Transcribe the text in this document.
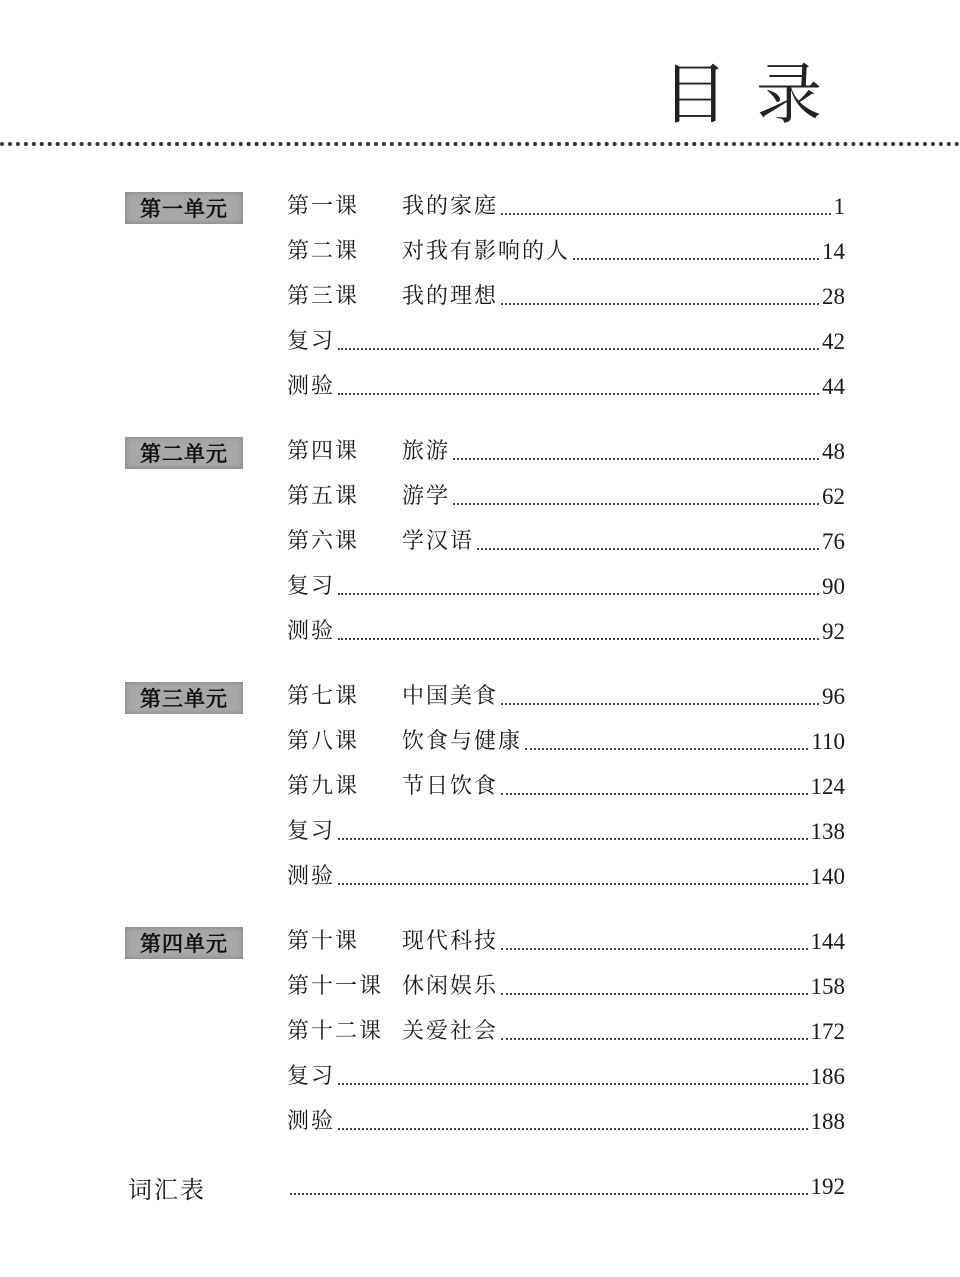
目录
第一单元	第一课	我的家庭	1
第二课	对我有影响的人	14
第三课	我的理想	28
复习	42
测验	44
第二单元	第四课	旅游	48
第五课	游学	62
第六课	学汉语	76
复习	90
测验	92
第三单元	第七课	中国美食	96
第八课	饮食与健康	110
第九课	节日饮食	124
复习	138
测验	140
第四单元	第十课	现代科技	144
第十一课 休闲娱乐	158
第十二课 关爱社会	172
复习	186
测验	188
词汇表	192
